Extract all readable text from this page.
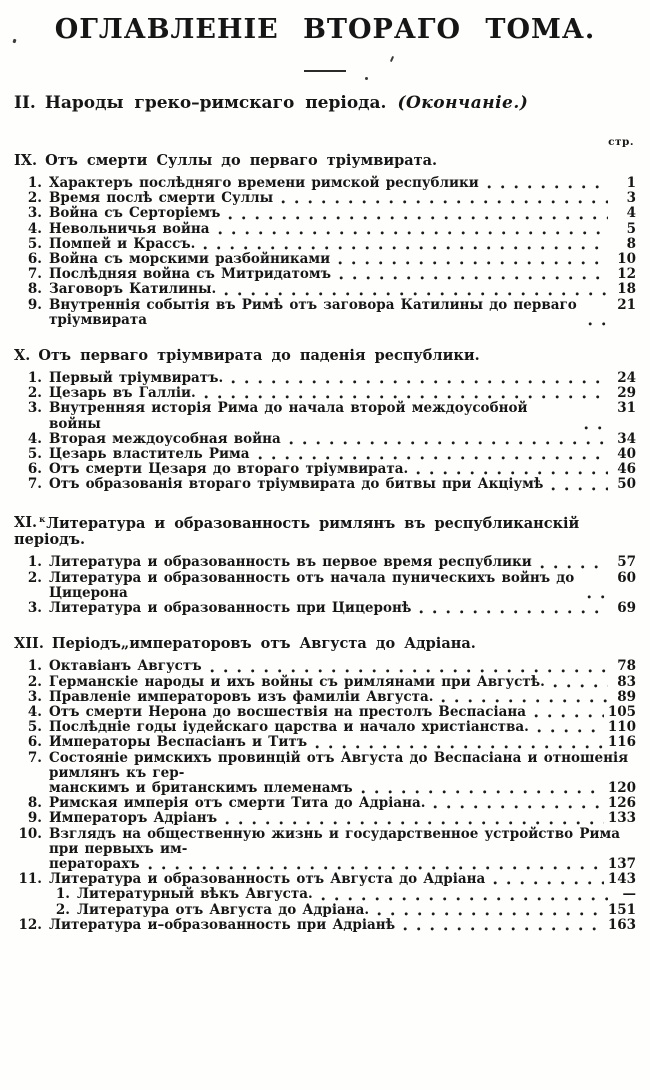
ОГЛАВЛЕНІЕ ВТОРАГО ТОМА.
II. Народы греко–римскаго періода. (Окончаніе.)
стр.
IX. Отъ смерти Суллы до перваго тріумвирата.
1. Характеръ послѣдняго времени римской республики	1
2. Время послѣ смерти Суллы	3
3. Война съ Серторіемъ	4
4. Невольничья война	5
5. Помпей и Крассъ.	8
6. Война съ морскими разбойниками	10
7. Послѣдняя война съ Митридатомъ	12
8. Заговоръ Катилины.	18
9. Внутреннія событія въ Римѣ отъ заговора Катилины до перваго тріумвирата
21
X. Отъ перваго тріумвирата до паденія республики.
1. Первый тріумвиратъ.	24
2. Цезарь въ Галліи.	29
3. Внутренняя исторія Рима до начала второй междоусобной войны
31
4. Вторая междоусобная война	34
5. Цезарь властитель Рима	40
6. Отъ смерти Цезаря до втораго тріумвирата.	46
7. Отъ образованія втораго тріумвирата до битвы при Акціумѣ	50
XI. $^к$Литература и образованность римлянъ въ республиканскій періодъ.
1. Литература и образованность въ первое время республики	57
2. Литература и образованность отъ начала пуническихъ войнъ до Цицерона
60
3. Литература и образованность при Цицеронѣ	69
XII. Періодъ„императоровъ отъ Августа до Адріана.
1. Октавіанъ Августъ	78
2. Германскіе народы и ихъ войны съ римлянами при Августѣ.	83
3. Правленіе императоровъ изъ фамиліи Августа.	89
4. Отъ смерти Нерона до восшествія на престолъ Веспасіана	105
5. Послѣдніе годы іудейскаго царства и начало христіанства.	110
6. Императоры Веспасіанъ и Титъ	116
7. Состояніе римскихъ провинцій отъ Августа до Веспасіана и отношенія римлянъ къ гер-
манскимъ и британскимъ племенамъ	120
8. Римская имперія отъ смерти Тита до Адріана.	126
9. Императоръ Адріанъ	133
10. Взглядъ на общественную жизнь и государственное устройство Рима при первыхъ им-
ператорахъ	137
11. Литература и образованность отъ Августа до Адріана	143
1. Литературный вѣкъ Августа.	—
2. Литература отъ Августа до Адріана.	151
12. Литература и–образованность при Адріанѣ	163
